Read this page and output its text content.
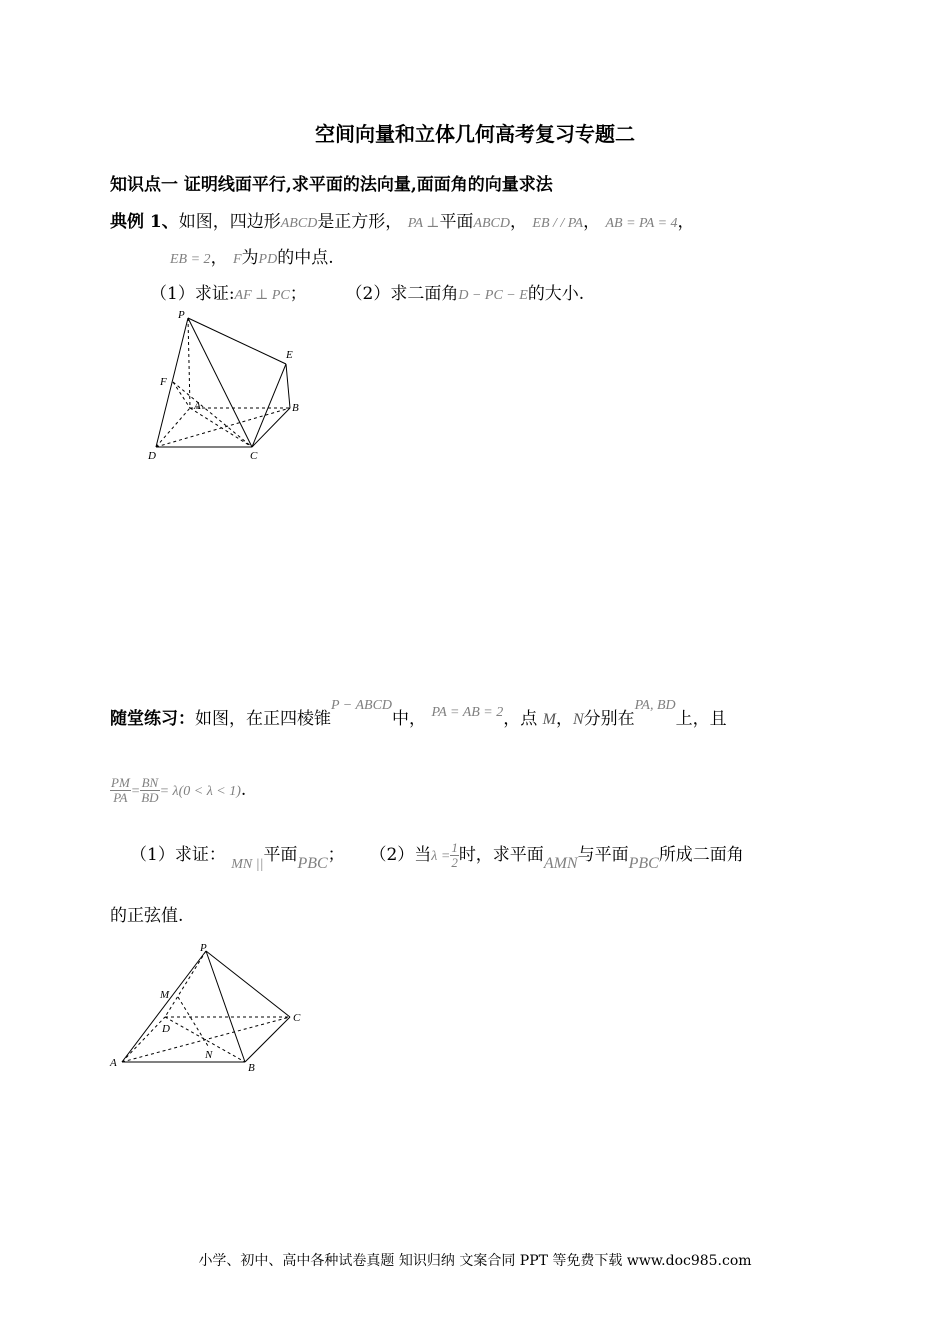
空间向量和立体几何高考复习专题二
知识点一 证明线面平行,求平面的法向量,面面角的向量求法
典例 1、如图，四边形ABCD是正方形， PA ⊥平面ABCD， EB / / PA， AB = PA = 4，
EB = 2， F为PD的中点.
（1）求证:AF ⊥ PC； （2）求二面角D − PC − E的大小.
P
E
F
A	B
D	C
随堂练习：如图，在正四棱锥$^{P - ABCD}$中， $^{PA = AB = 2}$，点 M，N分别在$^{PA, BD}$上，且
$\frac{PM}{PA} = \frac{BN}{BD} = \lambda(0 < \lambda < 1)$.
（1）求证： $_{MN ||}$平面PBC； （2）当$\lambda = \frac{1}{2}$ 时，求平面AMN与平面PBC所成二面角
的正弦值.
P
M
D
C
N
A	B
小学、初中、高中各种试卷真题 知识归纳 文案合同 PPT 等免费下载 www.doc985.com
